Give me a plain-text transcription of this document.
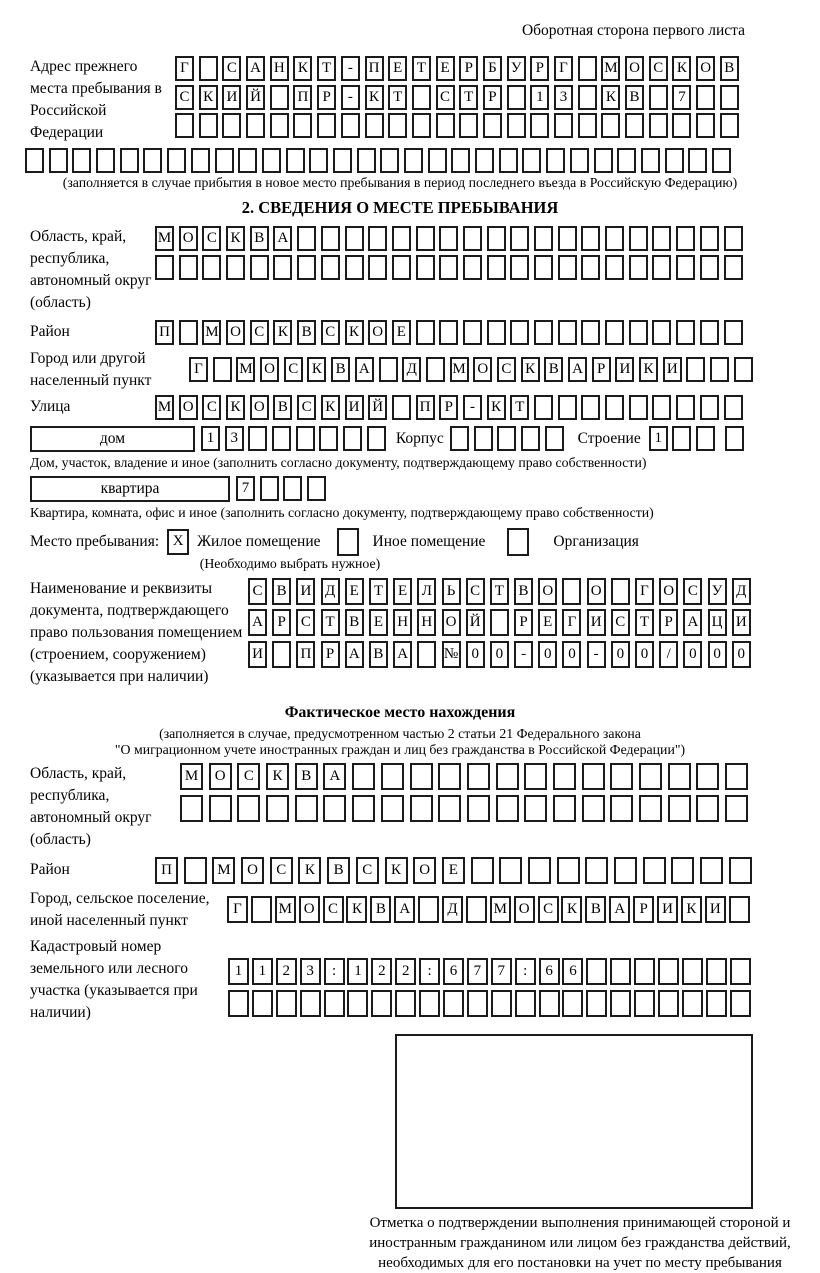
Оборотная сторона первого листа
Адрес прежнего места пребывания в Российской Федерации
Г	С А Н К Т	-	П Е Т Е Р	Б У Р	Г	М О С К О В
С К И Й П Р	-	К Т	С Т Р	1	3	К В	7
(заполняется в случае прибытия в новое место пребывания в период последнего въезда в Российскую Федерацию)
2. СВЕДЕНИЯ О МЕСТЕ ПРЕБЫВАНИЯ
Область, край, республика, автономный округ (область)
М О С К В А
Район	П М О С К В С К О Е
Город или другой населенный пункт
Г	М О С К В А Д М О С К В А Р И К И
Улица	М О С К О В С К И Й П Р	-	К Т
дом	1	3	Корпус	Строение 1
Дом, участок, владение и иное (заполнить согласно документу, подтверждающему право собственности)
квартира	7
Квартира, комната, офис и иное (заполнить согласно документу, подтверждающему право собственности)
Место пребывания: X Жилое помещение	Иное помещение	Организация
(Необходимо выбрать нужное)
Наименование и реквизиты документа, подтверждающего право пользования помещением (строением, сооружением) (указывается при наличии)
С В И Д Е	Т	Е Л Ь С Т В О	О	Г О С У Д
А Р	С Т В Е Н Н О Й	Р	Е	Г И С Т	Р А Ц И
И	П Р А В А № 0	0	-	0	0	-	0	0	/	0	0	0
Фактическое место нахождения
(заполняется в случае, предусмотренном частью 2 статьи 21 Федерального закона
"О миграционном учете иностранных граждан и лиц без гражданства в Российской Федерации")
Область, край, республика, автономный округ (область)
М	О	С	К	В	А
Район	П	М	О	С	К	В	С	К	О	Е
Город, сельское поселение, иной населенный пункт
Г	М О С К В А	Д	М О С К В А Р И К И
Кадастровый номер земельного или лесного участка (указывается при наличии)
1	1	2	3	:	1	2	2	:	6	7	7	:	6	6
Отметка о подтверждении выполнения принимающей стороной и иностранным гражданином или лицом без гражданства действий, необходимых для его постановки на учет по месту пребывания
